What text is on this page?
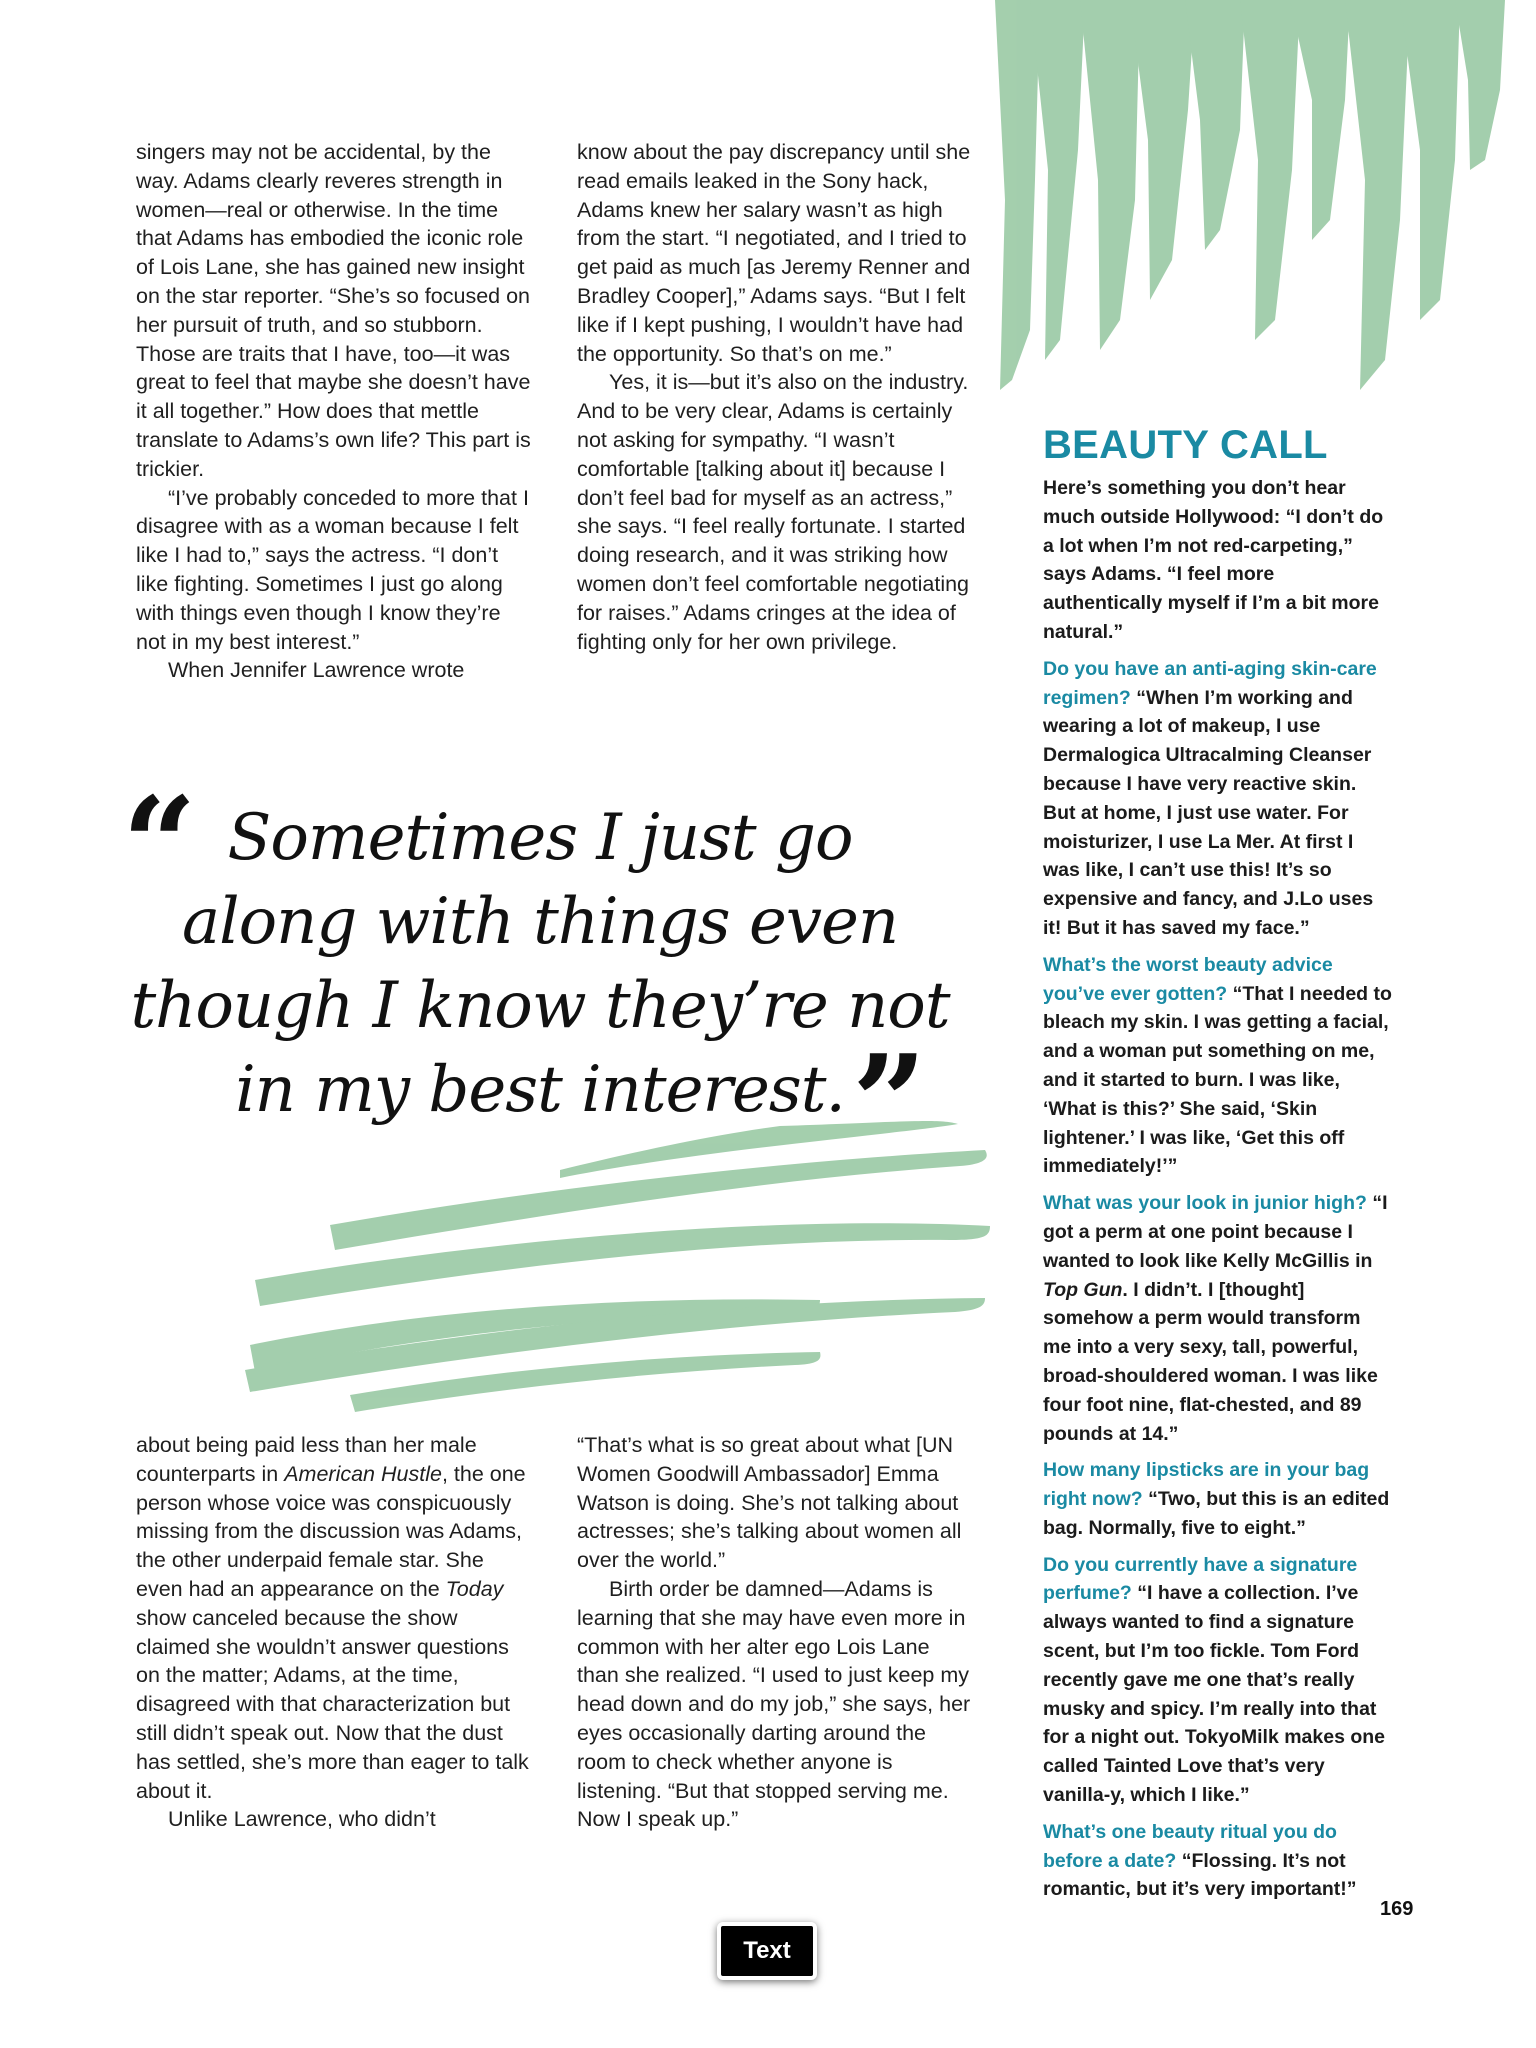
singers may not be accidental, by the way. Adams clearly reveres strength in women—real or otherwise. In the time that Adams has embodied the iconic role of Lois Lane, she has gained new insight on the star reporter. “She’s so focused on her pursuit of truth, and so stubborn. Those are traits that I have, too—it was great to feel that maybe she doesn’t have it all together.” How does that mettle translate to Adams’s own life? This part is trickier.

“I’ve probably conceded to more that I disagree with as a woman because I felt like I had to,” says the actress. “I don’t like fighting. Sometimes I just go along with things even though I know they’re not in my best interest.”

When Jennifer Lawrence wrote

know about the pay discrepancy until she read emails leaked in the Sony hack, Adams knew her salary wasn’t as high from the start. “I negotiated, and I tried to get paid as much [as Jeremy Renner and Bradley Cooper],” Adams says. “But I felt like if I kept pushing, I wouldn’t have had the opportunity. So that’s on me.”

Yes, it is—but it’s also on the industry. And to be very clear, Adams is certainly not asking for sympathy. “I wasn’t comfortable [talking about it] because I don’t feel bad for myself as an actress,” she says. “I feel really fortunate. I started doing research, and it was striking how women don’t feel comfortable negotiating for raises.” Adams cringes at the idea of fighting only for her own privilege.

“ Sometimes I just go
along with things even
though I know they’re not
in my best interest. ”

about being paid less than her male counterparts in American Hustle, the one person whose voice was conspicuously missing from the discussion was Adams, the other underpaid female star. She even had an appearance on the Today show canceled because the show claimed she wouldn’t answer questions on the matter; Adams, at the time, disagreed with that characterization but still didn’t speak out. Now that the dust has settled, she’s more than eager to talk about it.

Unlike Lawrence, who didn’t

“That’s what is so great about what [UN Women Goodwill Ambassador] Emma Watson is doing. She’s not talking about actresses; she’s talking about women all over the world.”

Birth order be damned—Adams is learning that she may have even more in common with her alter ego Lois Lane than she realized. “I used to just keep my head down and do my job,” she says, her eyes occasionally darting around the room to check whether anyone is listening. “But that stopped serving me. Now I speak up.”

BEAUTY CALL

Here’s something you don’t hear much outside Hollywood: “I don’t do a lot when I’m not red-carpeting,” says Adams. “I feel more authentically myself if I’m a bit more natural.”

Do you have an anti-aging skin-care regimen? “When I’m working and wearing a lot of makeup, I use Dermalogica Ultracalming Cleanser because I have very reactive skin. But at home, I just use water. For moisturizer, I use La Mer. At first I was like, I can’t use this! It’s so expensive and fancy, and J.Lo uses it! But it has saved my face.”

What’s the worst beauty advice you’ve ever gotten? “That I needed to bleach my skin. I was getting a facial, and a woman put something on me, and it started to burn. I was like, ‘What is this?’ She said, ‘Skin lightener.’ I was like, ‘Get this off immediately!’”

What was your look in junior high? “I got a perm at one point because I wanted to look like Kelly McGillis in Top Gun. I didn’t. I [thought] somehow a perm would transform me into a very sexy, tall, powerful, broad-shouldered woman. I was like four foot nine, flat-chested, and 89 pounds at 14.”

How many lipsticks are in your bag right now? “Two, but this is an edited bag. Normally, five to eight.”

Do you currently have a signature perfume? “I have a collection. I’ve always wanted to find a signature scent, but I’m too fickle. Tom Ford recently gave me one that’s really musky and spicy. I’m really into that for a night out. TokyoMilk makes one called Tainted Love that’s very vanilla-y, which I like.”

What’s one beauty ritual you do before a date? “Flossing. It’s not romantic, but it’s very important!”

Text
169
